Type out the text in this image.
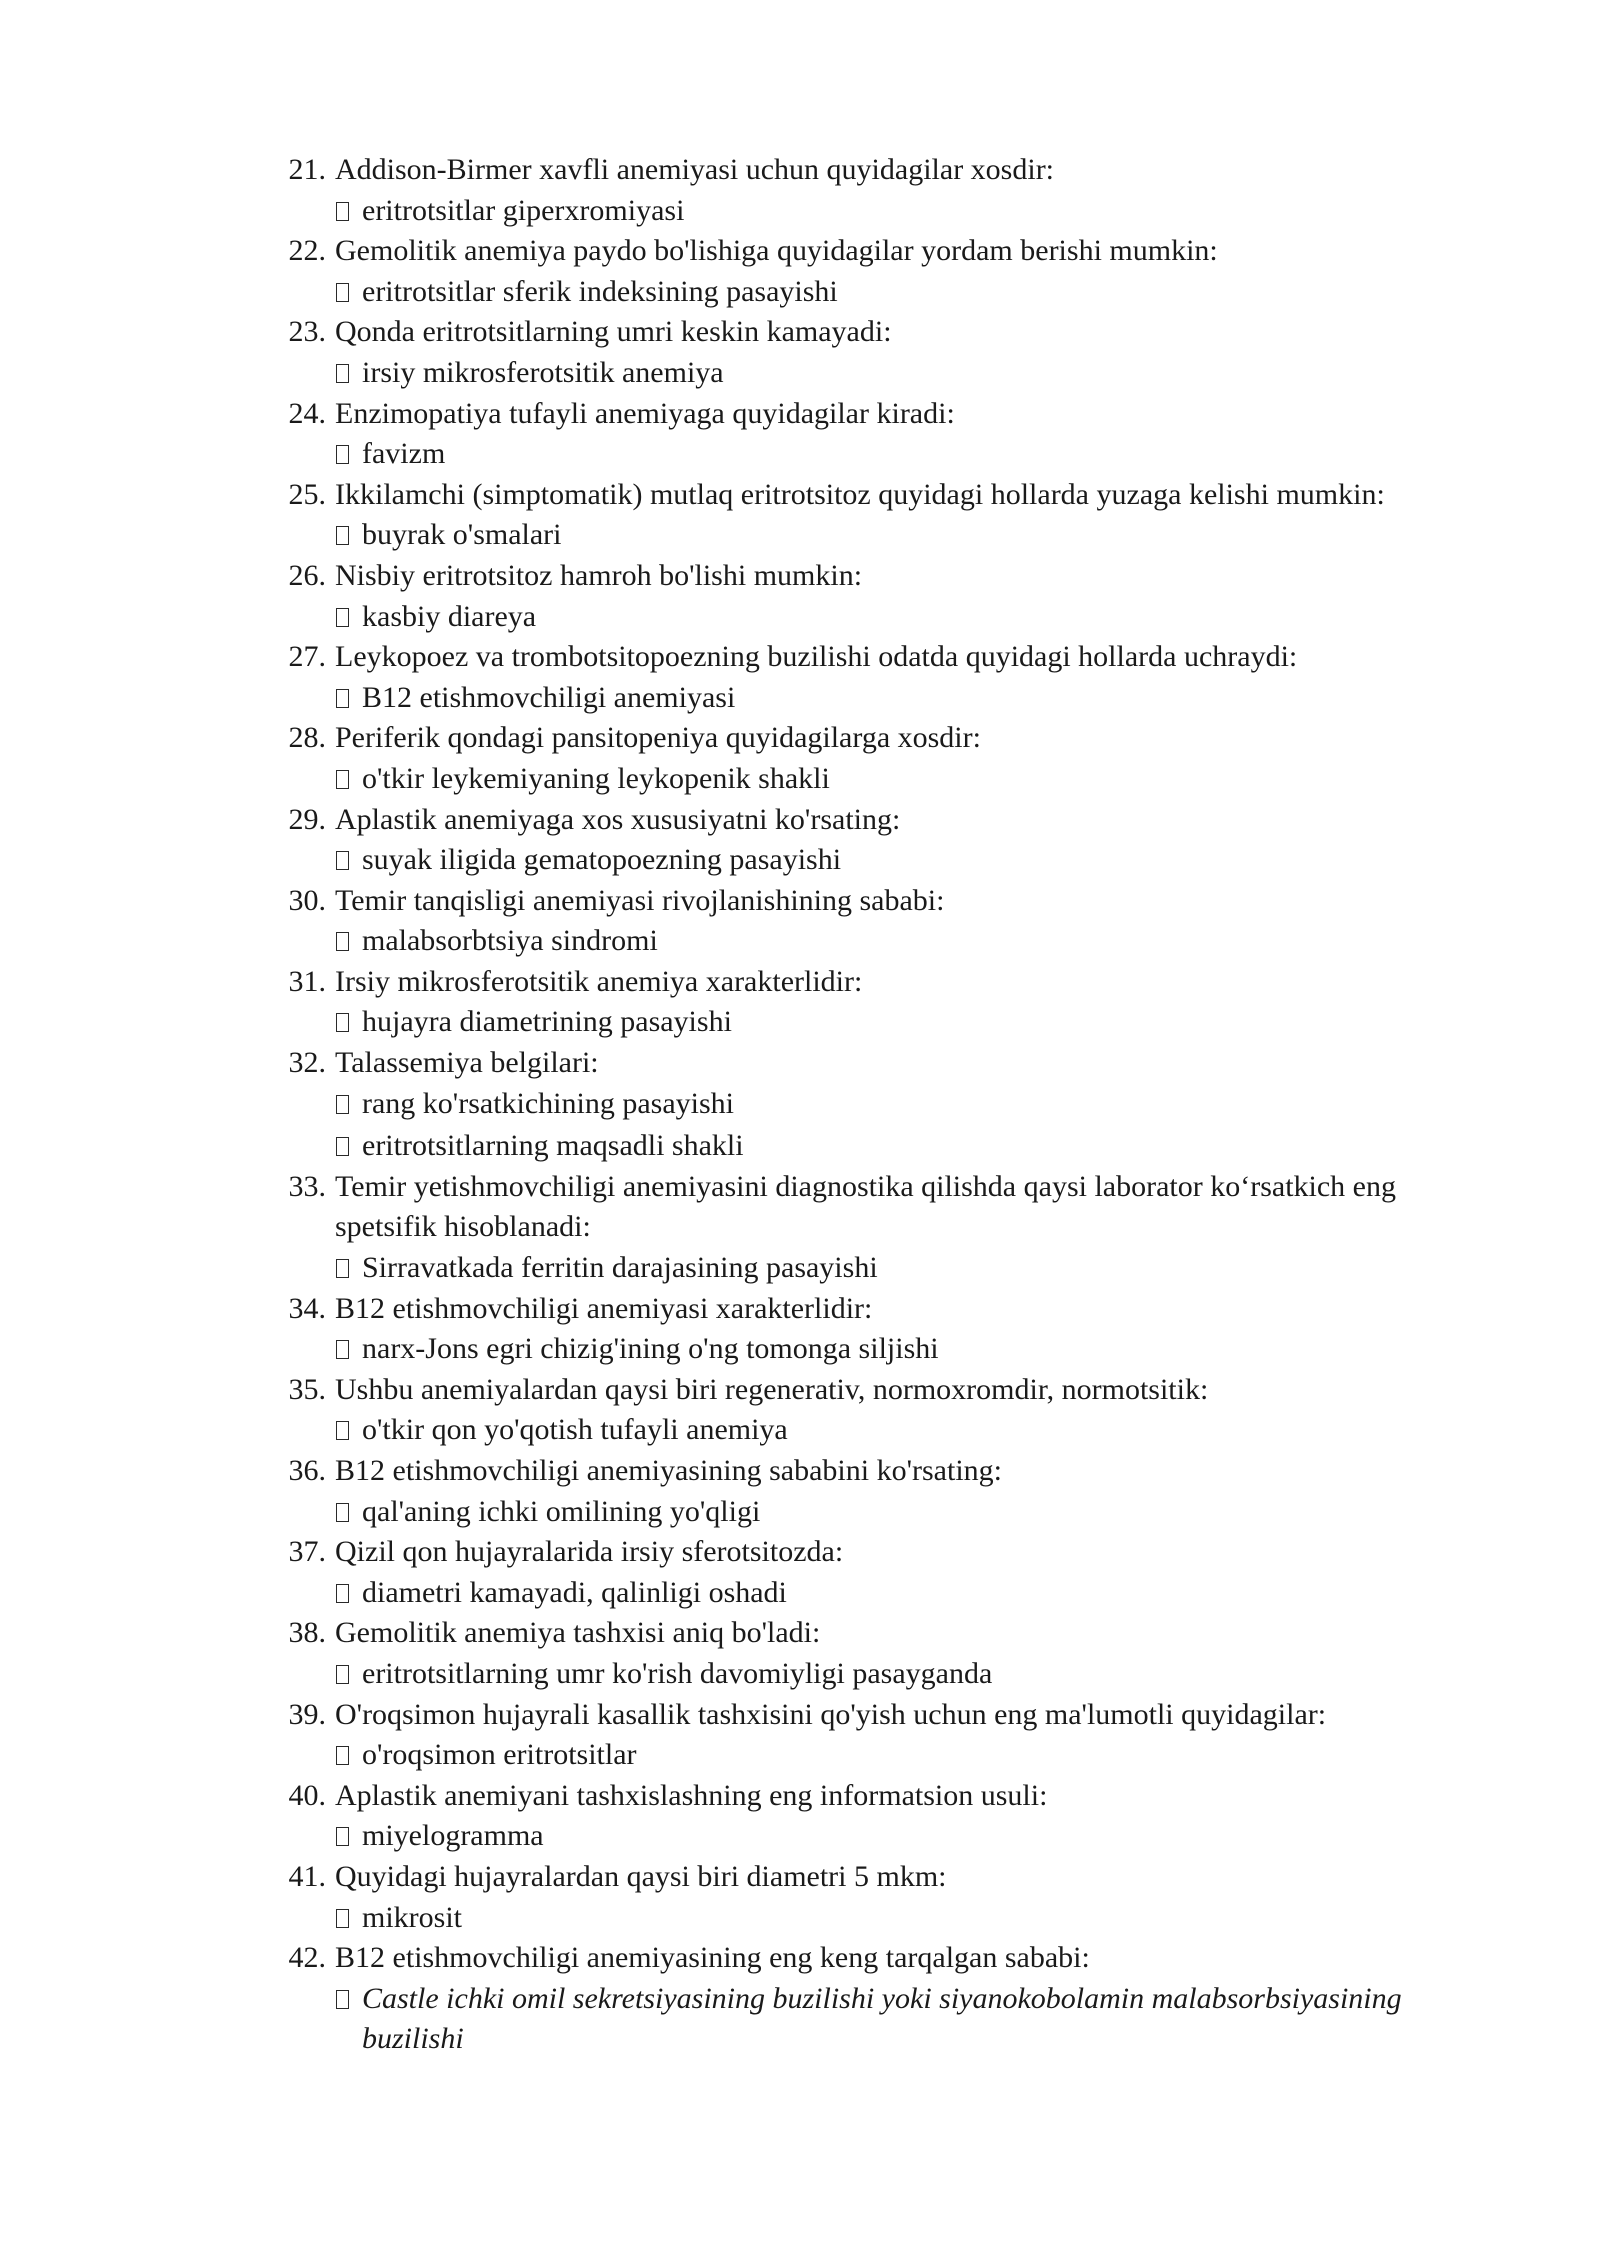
21. Addison-Birmer xavfli anemiyasi uchun quyidagilar xosdir:
eritrotsitlar giperxromiyasi
22. Gemolitik anemiya paydo bo'lishiga quyidagilar yordam berishi mumkin:
eritrotsitlar sferik indeksining pasayishi
23. Qonda eritrotsitlarning umri keskin kamayadi:
irsiy mikrosferotsitik anemiya
24. Enzimopatiya tufayli anemiyaga quyidagilar kiradi:
favizm
25. Ikkilamchi (simptomatik) mutlaq eritrotsitoz quyidagi hollarda yuzaga kelishi mumkin:
buyrak o'smalari
26. Nisbiy eritrotsitoz hamroh bo'lishi mumkin:
kasbiy diareya
27. Leykopoez va trombotsitopoezning buzilishi odatda quyidagi hollarda uchraydi:
B12 etishmovchiligi anemiyasi
28. Periferik qondagi pansitopeniya quyidagilarga xosdir:
o'tkir leykemiyaning leykopenik shakli
29. Aplastik anemiyaga xos xususiyatni ko'rsating:
suyak iligida gematopoezning pasayishi
30. Temir tanqisligi anemiyasi rivojlanishining sababi:
malabsorbtsiya sindromi
31. Irsiy mikrosferotsitik anemiya xarakterlidir:
hujayra diametrining pasayishi
32. Talassemiya belgilari:
rang ko'rsatkichining pasayishi
eritrotsitlarning maqsadli shakli
33. Temir yetishmovchiligi anemiyasini diagnostika qilishda qaysi laborator ko‘rsatkich eng spetsifik hisoblanadi:
Sirravatkada ferritin darajasining pasayishi
34. B12 etishmovchiligi anemiyasi xarakterlidir:
narx-Jons egri chizig'ining o'ng tomonga siljishi
35. Ushbu anemiyalardan qaysi biri regenerativ, normoxromdir, normotsitik:
o'tkir qon yo'qotish tufayli anemiya
36. B12 etishmovchiligi anemiyasining sababini ko'rsating:
qal'aning ichki omilining yo'qligi
37. Qizil qon hujayralarida irsiy sferotsitozda:
diametri kamayadi, qalinligi oshadi
38. Gemolitik anemiya tashxisi aniq bo'ladi:
eritrotsitlarning umr ko'rish davomiyligi pasayganda
39. O'roqsimon hujayrali kasallik tashxisini qo'yish uchun eng ma'lumotli quyidagilar:
o'roqsimon eritrotsitlar
40. Aplastik anemiyani tashxislashning eng informatsion usuli:
miyelogramma
41. Quyidagi hujayralardan qaysi biri diametri 5 mkm:
mikrosit
42. B12 etishmovchiligi anemiyasining eng keng tarqalgan sababi:
Castle ichki omil sekretsiyasining buzilishi yoki siyanokobolamin malabsorbsiyasining buzilishi
